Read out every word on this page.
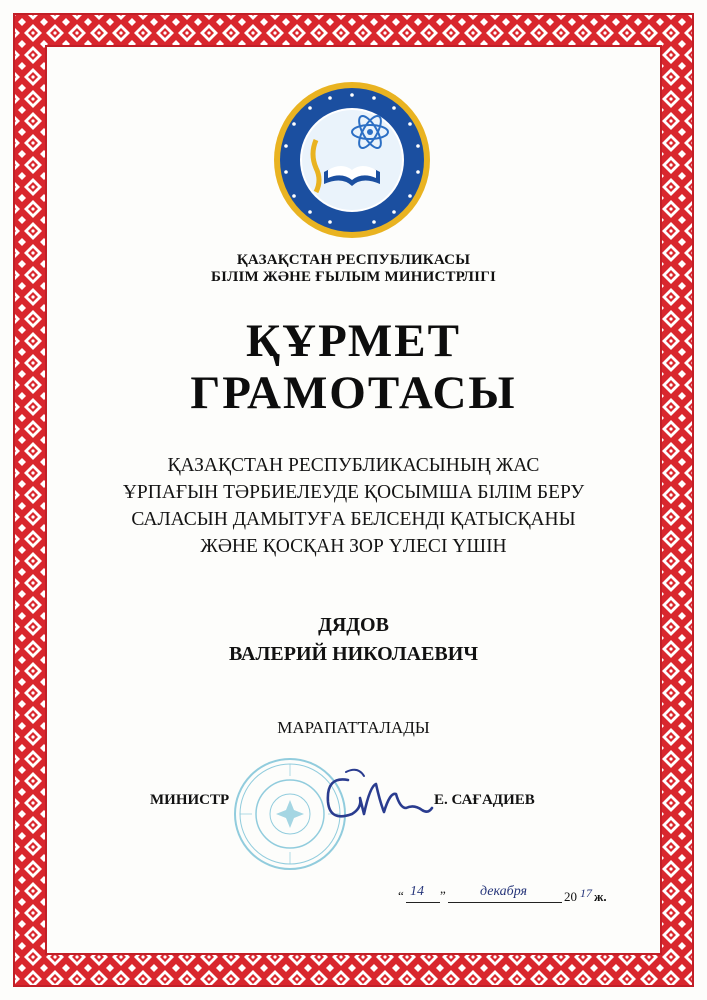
ҚАЗАҚСТАН РЕСПУБЛИКАСЫ
БІЛІМ ЖӘНЕ ҒЫЛЫМ МИНИСТРЛІГІ
ҚҰРМЕТ
ГРАМОТАСЫ
ҚАЗАҚСТАН РЕСПУБЛИКАСЫНЫҢ ЖАС
ҰРПАҒЫН ТӘРБИЕЛЕУДЕ ҚОСЫМША БІЛІМ БЕРУ
САЛАСЫН ДАМЫТУҒА БЕЛСЕНДІ ҚАТЫСҚАНЫ
ЖӘНЕ ҚОСҚАН ЗОР ҮЛЕСІ ҮШІН
ДЯДОВ
ВАЛЕРИЙ НИКОЛАЕВИЧ
МАРАПАТТАЛАДЫ
МИНИСТР	Е. САҒАДИЕВ
“ 14 ” декабря	20 17 ж.
